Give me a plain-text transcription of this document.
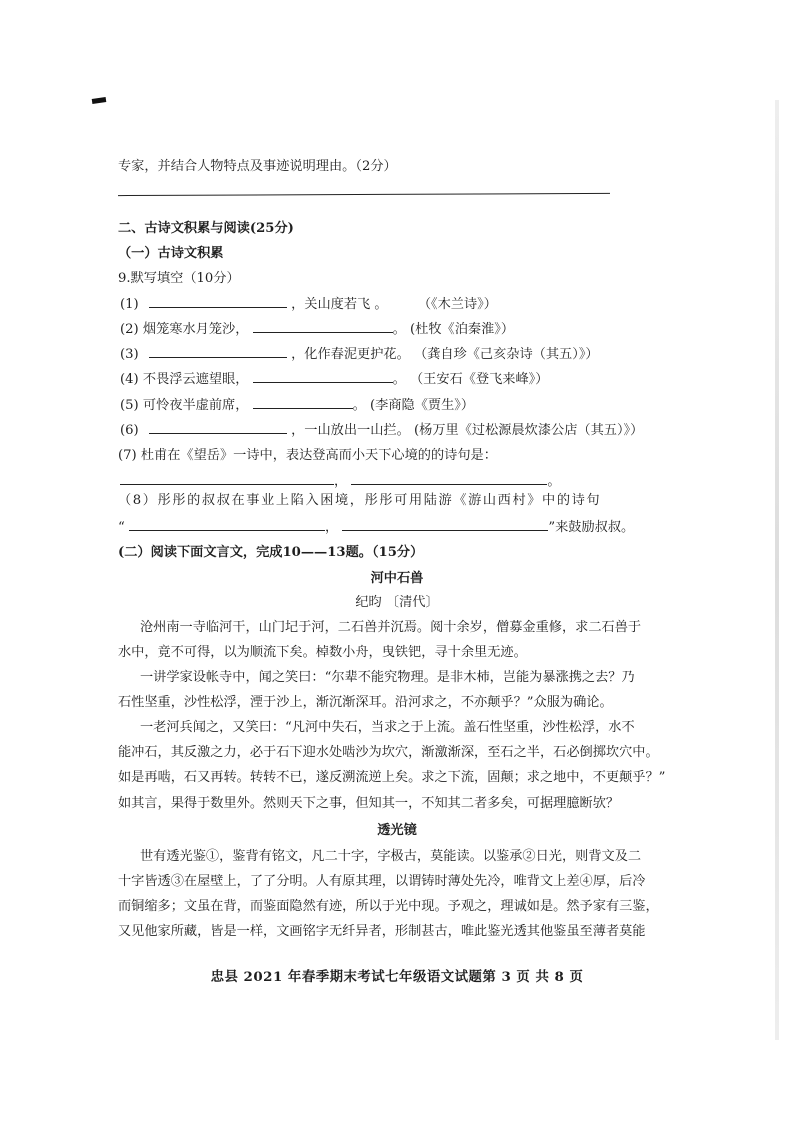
专家，并结合人物特点及事迹说明理由。（2分）
二、古诗文积累与阅读(25分)
（一）古诗文积累
9.默写填空（10分）
(1)	，关山度若飞 。 （《木兰诗》）
(2) 烟笼寒水月笼沙，	。 (杜牧《泊秦淮》）
(3)	，化作春泥更护花。 （龚自珍《己亥杂诗（其五）》）
(4) 不畏浮云遮望眼，	。 （王安石《登飞来峰》）
(5) 可怜夜半虚前席，	。 (李商隐《贾生》）
(6)	，一山放出一山拦。 (杨万里《过松源晨炊漆公店（其五）》）
(7) 杜甫在《望岳》一诗中，表达登高而小天下心境的的诗句是：
，	。
（8）彤彤的叔叔在事业上陷入困境，彤彤可用陆游《游山西村》中的诗句
“	，	”来鼓励叔叔。
(二）阅读下面文言文，完成10——13题。（15分）
河中石兽
纪昀 〔清代〕
沧州南一寺临河干，山门圮于河，二石兽并沉焉。阅十余岁，僧募金重修，求二石兽于
水中，竟不可得，以为顺流下矣。棹数小舟，曳铁钯，寻十余里无迹。
一讲学家设帐寺中，闻之笑曰：“尔辈不能究物理。是非木杮，岂能为暴涨携之去？乃
石性坚重，沙性松浮，湮于沙上，渐沉渐深耳。沿河求之，不亦颠乎？”众服为确论。
一老河兵闻之，又笑曰：“凡河中失石，当求之于上流。盖石性坚重，沙性松浮，水不
能冲石，其反激之力，必于石下迎水处啮沙为坎穴，渐激渐深，至石之半，石必倒掷坎穴中。
如是再啮，石又再转。转转不已，遂反溯流逆上矣。求之下流，固颠；求之地中，不更颠乎？”
如其言，果得于数里外。然则天下之事，但知其一，不知其二者多矣，可据理臆断欤？
透光镜
世有透光鉴①，鉴背有铭文，凡二十字，字极古，莫能读。以鉴承②日光，则背文及二
十字皆透③在屋壁上，了了分明。人有原其理，以谓铸时薄处先冷，唯背文上差④厚，后冷
而铜缩多；文虽在背，而鉴面隐然有迹，所以于光中现。予观之，理诚如是。然予家有三鉴，
又见他家所藏，皆是一样，文画铭字无纤异者，形制甚古，唯此鉴光透其他鉴虽至薄者莫能
忠县 2021 年春季期末考试七年级语文试题第 3 页 共 8 页
